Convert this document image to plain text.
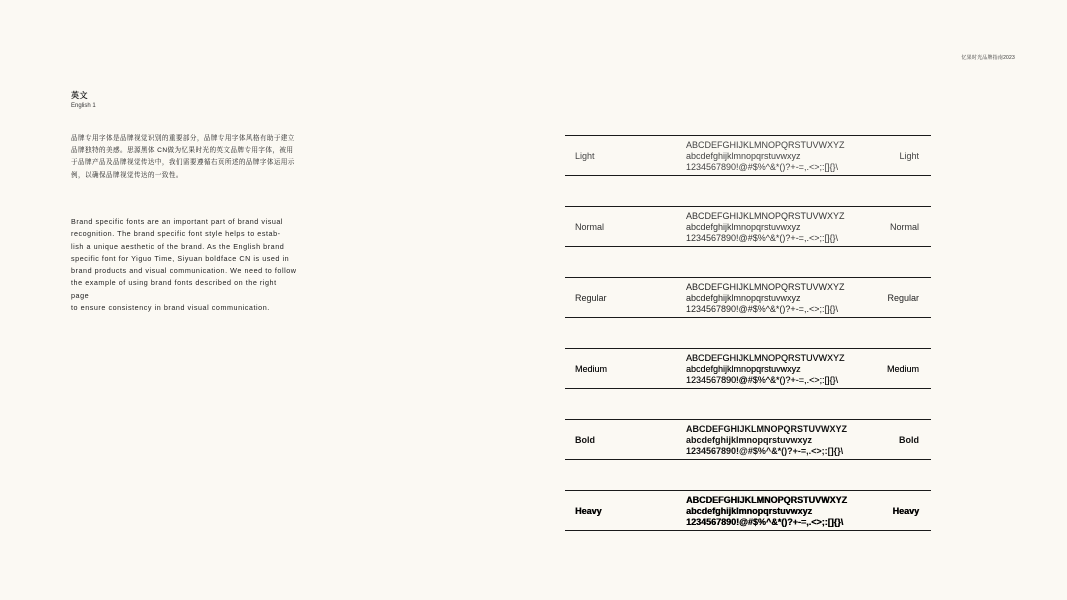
忆果时光品牌指南2023
英文
English 1
品牌专用字体是品牌视觉识别的重要部分，品牌专用字体风格有助于建立
品牌独特的美感。思源黑体 CN做为忆果时光的英文品牌专用字体，被用
于品牌产品及品牌视觉传达中，我们需要遵循右页所述的品牌字体运用示
例，以确保品牌视觉传达的一致性。
Brand specific fonts are an important part of brand visual
recognition. The brand specific font style helps to estab-
lish a unique aesthetic of the brand. As the English brand
specific font for Yiguo Time, Siyuan boldface CN is used in
brand products and visual communication. We need to follow
the example of using brand fonts described on the right page
to ensure consistency in brand visual communication.
Light
ABCDEFGHIJKLMNOPQRSTUVWXYZ
abcdefghijklmnopqrstuvwxyz
1234567890!@#$%^&*()?+-=,.<>;:[]{}\
Light
Normal
ABCDEFGHIJKLMNOPQRSTUVWXYZ
abcdefghijklmnopqrstuvwxyz
1234567890!@#$%^&*()?+-=,.<>;:[]{}\
Normal
Regular
ABCDEFGHIJKLMNOPQRSTUVWXYZ
abcdefghijklmnopqrstuvwxyz
1234567890!@#$%^&*()?+-=,.<>;:[]{}\
Regular
Medium
ABCDEFGHIJKLMNOPQRSTUVWXYZ
abcdefghijklmnopqrstuvwxyz
1234567890!@#$%^&*()?+-=,.<>;:[]{}\
Medium
Bold
ABCDEFGHIJKLMNOPQRSTUVWXYZ
abcdefghijklmnopqrstuvwxyz
1234567890!@#$%^&*()?+-=,.<>;:[]{}\
Bold
Heavy
ABCDEFGHIJKLMNOPQRSTUVWXYZ
abcdefghijklmnopqrstuvwxyz
1234567890!@#$%^&*()?+-=,.<>;:[]{}\
Heavy
